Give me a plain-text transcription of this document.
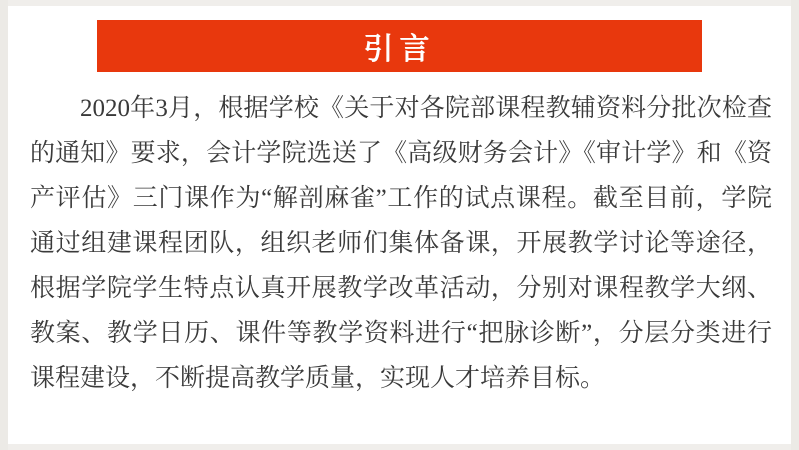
引言
2020年3月，根据学校《关于对各院部课程教辅资料分批次检查的通知》要求，会计学院选送了《高级财务会计》《审计学》和《资产评估》三门课作为“解剖麻雀”工作的试点课程。截至目前，学院通过组建课程团队，组织老师们集体备课，开展教学讨论等途径，根据学院学生特点认真开展教学改革活动，分别对课程教学大纲、教案、教学日历、课件等教学资料进行“把脉诊断”，分层分类进行课程建设，不断提高教学质量，实现人才培养目标。
